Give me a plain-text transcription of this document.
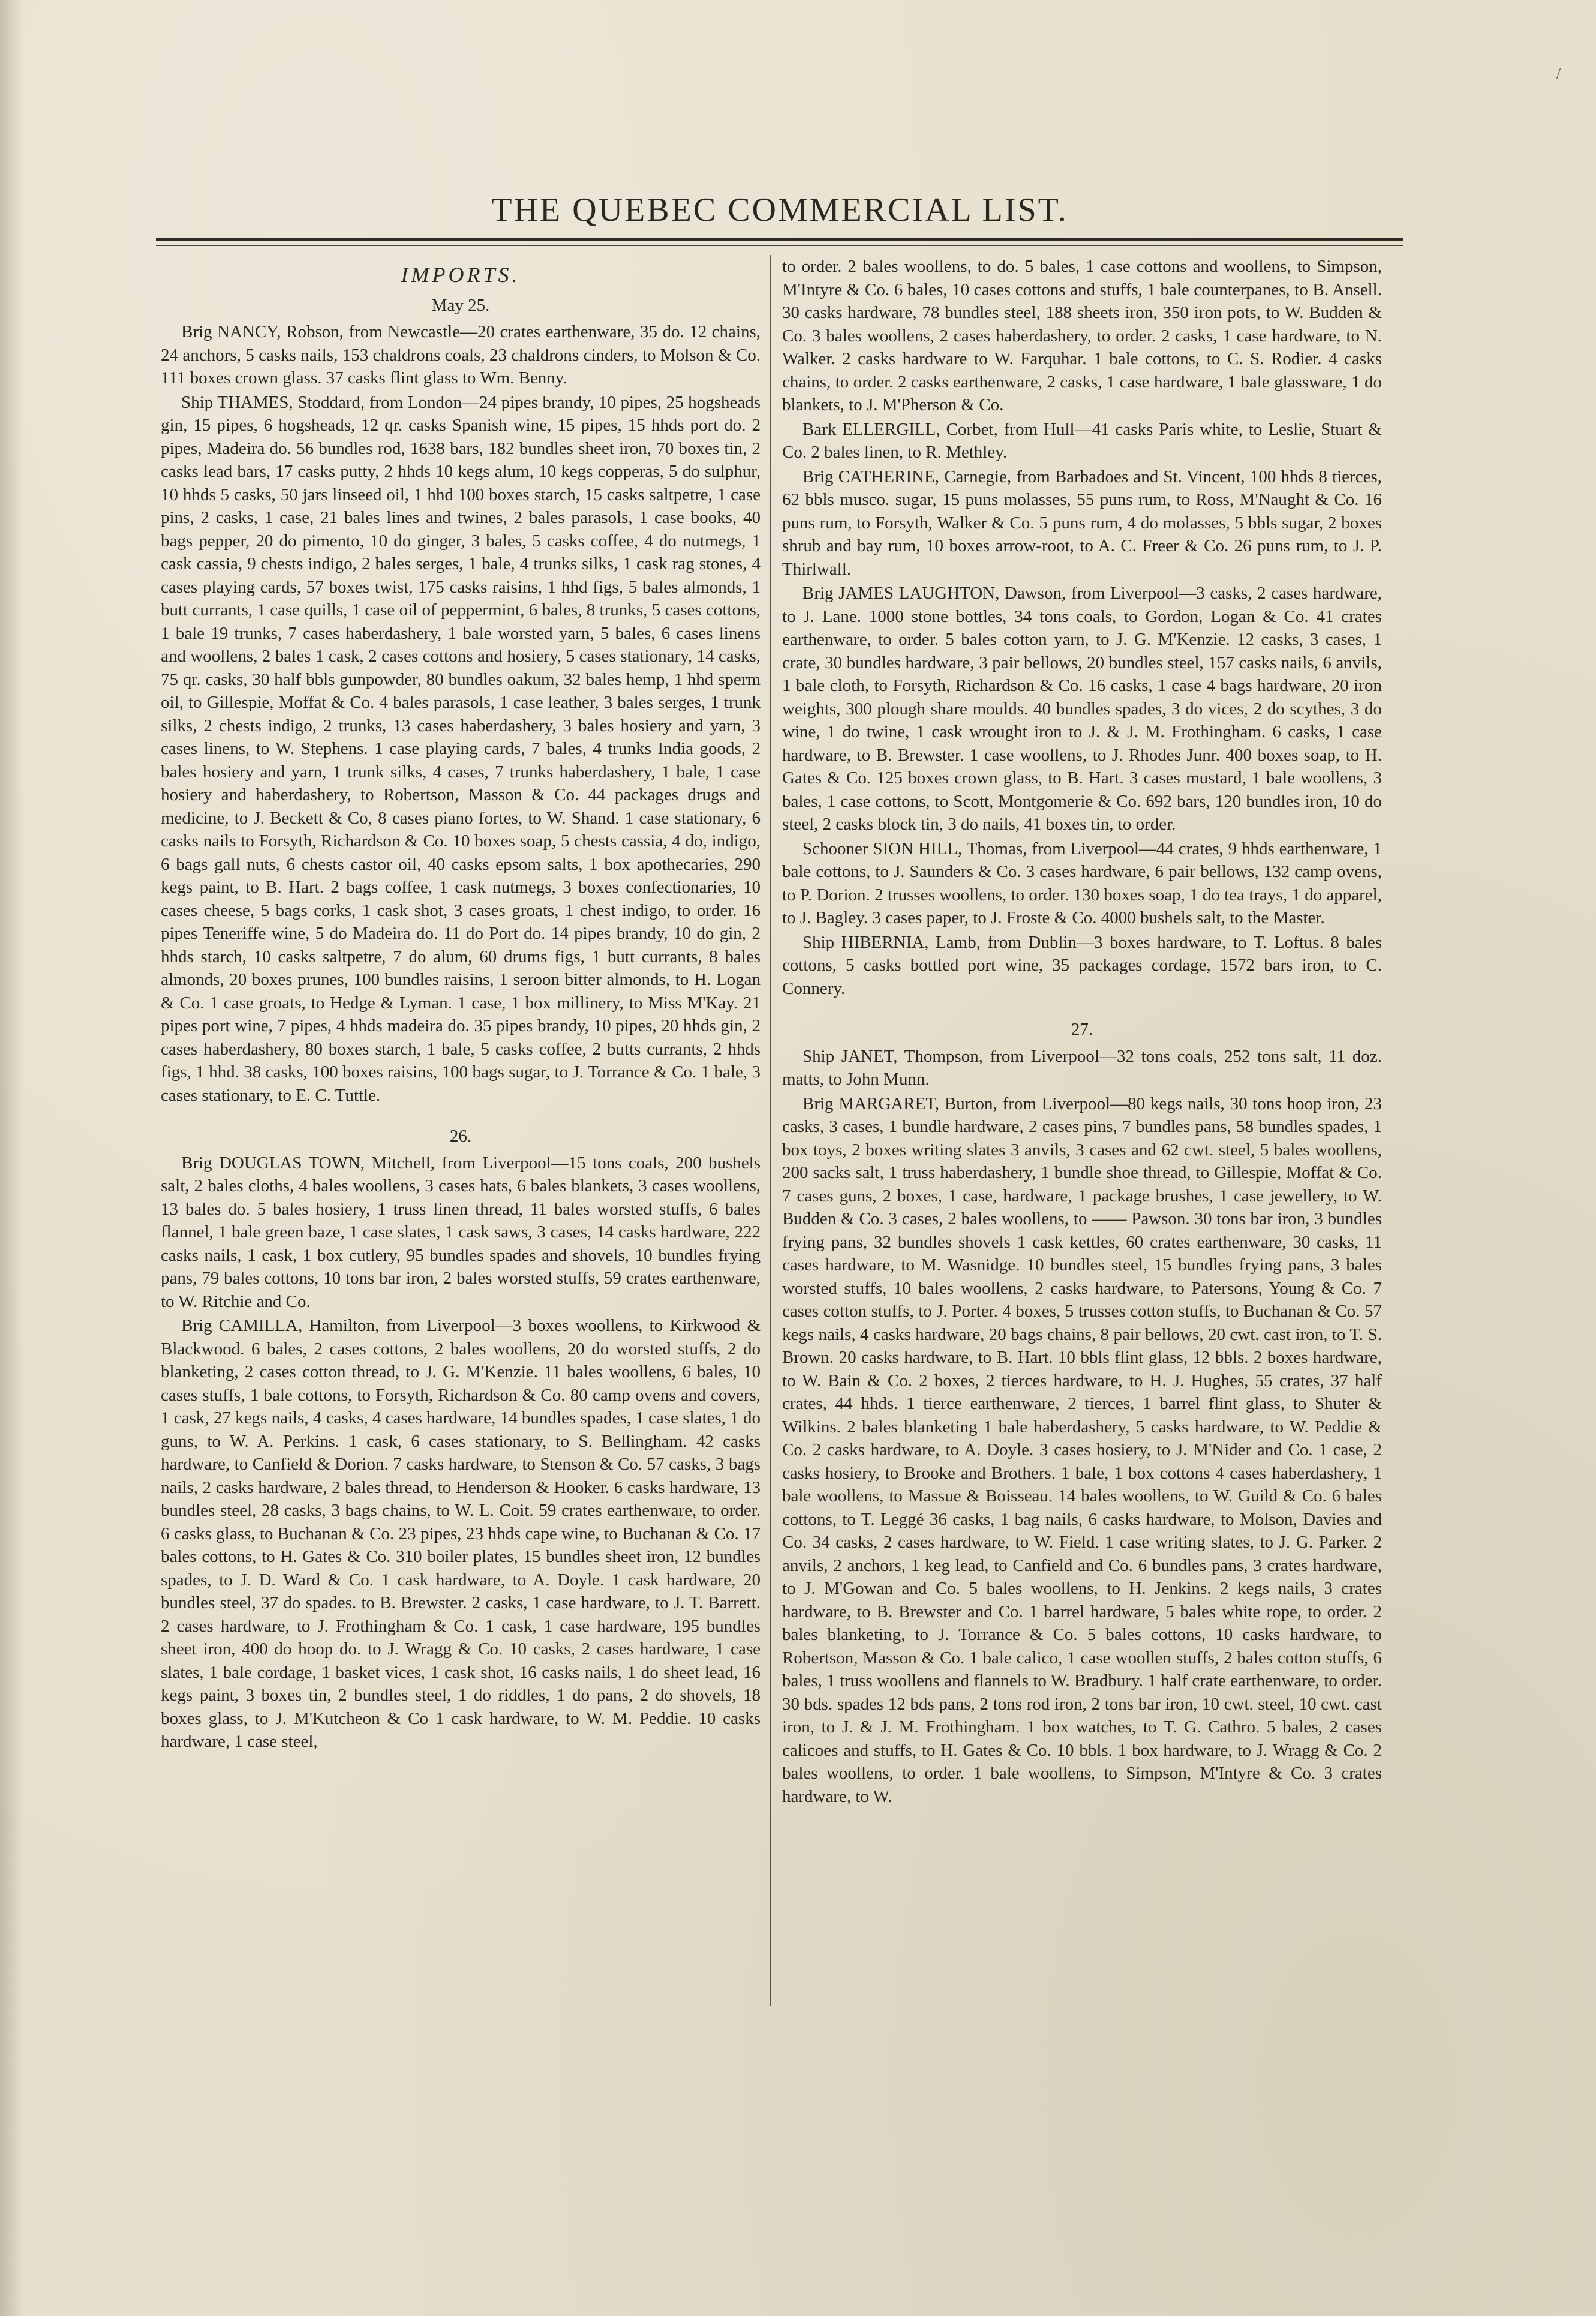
/
THE QUEBEC COMMERCIAL LIST.
IMPORTS.
May 25.

Brig NANCY, Robson, from Newcastle—20 crates earthenware, 35 do. 12 chains, 24 anchors, 5 casks nails, 153 chaldrons coals, 23 chaldrons cinders, to Molson & Co. 111 boxes crown glass. 37 casks flint glass to Wm. Benny.

Ship THAMES, Stoddard, from London—24 pipes brandy, 10 pipes, 25 hogsheads gin, 15 pipes, 6 hogsheads, 12 qr. casks Spanish wine, 15 pipes, 15 hhds port do. 2 pipes, Madeira do. 56 bundles rod, 1638 bars, 182 bundles sheet iron, 70 boxes tin, 2 casks lead bars, 17 casks putty, 2 hhds 10 kegs alum, 10 kegs copperas, 5 do sulphur, 10 hhds 5 casks, 50 jars linseed oil, 1 hhd 100 boxes starch, 15 casks saltpetre, 1 case pins, 2 casks, 1 case, 21 bales lines and twines, 2 bales parasols, 1 case books, 40 bags pepper, 20 do pimento, 10 do ginger, 3 bales, 5 casks coffee, 4 do nutmegs, 1 cask cassia, 9 chests indigo, 2 bales serges, 1 bale, 4 trunks silks, 1 cask rag stones, 4 cases playing cards, 57 boxes twist, 175 casks raisins, 1 hhd figs, 5 bales almonds, 1 butt currants, 1 case quills, 1 case oil of peppermint, 6 bales, 8 trunks, 5 cases cottons, 1 bale 19 trunks, 7 cases haberdashery, 1 bale worsted yarn, 5 bales, 6 cases linens and woollens, 2 bales 1 cask, 2 cases cottons and hosiery, 5 cases stationary, 14 casks, 75 qr. casks, 30 half bbls gunpowder, 80 bundles oakum, 32 bales hemp, 1 hhd sperm oil, to Gillespie, Moffat & Co. 4 bales parasols, 1 case leather, 3 bales serges, 1 trunk silks, 2 chests indigo, 2 trunks, 13 cases haberdashery, 3 bales hosiery and yarn, 3 cases linens, to W. Stephens. 1 case playing cards, 7 bales, 4 trunks India goods, 2 bales hosiery and yarn, 1 trunk silks, 4 cases, 7 trunks haberdashery, 1 bale, 1 case hosiery and haberdashery, to Robertson, Masson & Co. 44 packages drugs and medicine, to J. Beckett & Co, 8 cases piano fortes, to W. Shand. 1 case stationary, 6 casks nails to Forsyth, Richardson & Co. 10 boxes soap, 5 chests cassia, 4 do, indigo, 6 bags gall nuts, 6 chests castor oil, 40 casks epsom salts, 1 box apothecaries, 290 kegs paint, to B. Hart. 2 bags coffee, 1 cask nutmegs, 3 boxes confectionaries, 10 cases cheese, 5 bags corks, 1 cask shot, 3 cases groats, 1 chest indigo, to order. 16 pipes Teneriffe wine, 5 do Madeira do. 11 do Port do. 14 pipes brandy, 10 do gin, 2 hhds starch, 10 casks saltpetre, 7 do alum, 60 drums figs, 1 butt currants, 8 bales almonds, 20 boxes prunes, 100 bundles raisins, 1 seroon bitter almonds, to H. Logan & Co. 1 case groats, to Hedge & Lyman. 1 case, 1 box millinery, to Miss M'Kay. 21 pipes port wine, 7 pipes, 4 hhds madeira do. 35 pipes brandy, 10 pipes, 20 hhds gin, 2 cases haberdashery, 80 boxes starch, 1 bale, 5 casks coffee, 2 butts currants, 2 hhds figs, 1 hhd. 38 casks, 100 boxes raisins, 100 bags sugar, to J. Torrance & Co. 1 bale, 3 cases stationary, to E. C. Tuttle.

26.

Brig DOUGLAS TOWN, Mitchell, from Liverpool—15 tons coals, 200 bushels salt, 2 bales cloths, 4 bales woollens, 3 cases hats, 6 bales blankets, 3 cases woollens, 13 bales do. 5 bales hosiery, 1 truss linen thread, 11 bales worsted stuffs, 6 bales flannel, 1 bale green baze, 1 case slates, 1 cask saws, 3 cases, 14 casks hardware, 222 casks nails, 1 cask, 1 box cutlery, 95 bundles spades and shovels, 10 bundles frying pans, 79 bales cottons, 10 tons bar iron, 2 bales worsted stuffs, 59 crates earthenware, to W. Ritchie and Co.

Brig CAMILLA, Hamilton, from Liverpool—3 boxes woollens, to Kirkwood & Blackwood. 6 bales, 2 cases cottons, 2 bales woollens, 20 do worsted stuffs, 2 do blanketing, 2 cases cotton thread, to J. G. M'Kenzie. 11 bales woollens, 6 bales, 10 cases stuffs, 1 bale cottons, to Forsyth, Richardson & Co. 80 camp ovens and covers, 1 cask, 27 kegs nails, 4 casks, 4 cases hardware, 14 bundles spades, 1 case slates, 1 do guns, to W. A. Perkins. 1 cask, 6 cases stationary, to S. Bellingham. 42 casks hardware, to Canfield & Dorion. 7 casks hardware, to Stenson & Co. 57 casks, 3 bags nails, 2 casks hardware, 2 bales thread, to Henderson & Hooker. 6 casks hardware, 13 bundles steel, 28 casks, 3 bags chains, to W. L. Coit. 59 crates earthenware, to order. 6 casks glass, to Buchanan & Co. 23 pipes, 23 hhds cape wine, to Buchanan & Co. 17 bales cottons, to H. Gates & Co. 310 boiler plates, 15 bundles sheet iron, 12 bundles spades, to J. D. Ward & Co. 1 cask hardware, to A. Doyle. 1 cask hardware, 20 bundles steel, 37 do spades. to B. Brewster. 2 casks, 1 case hardware, to J. T. Barrett. 2 cases hardware, to J. Frothingham & Co. 1 cask, 1 case hardware, 195 bundles sheet iron, 400 do hoop do. to J. Wragg & Co. 10 casks, 2 cases hardware, 1 case slates, 1 bale cordage, 1 basket vices, 1 cask shot, 16 casks nails, 1 do sheet lead, 16 kegs paint, 3 boxes tin, 2 bundles steel, 1 do riddles, 1 do pans, 2 do shovels, 18 boxes glass, to J. M'Kutcheon & Co 1 cask hardware, to W. M. Peddie. 10 casks hardware, 1 case steel,

to order. 2 bales woollens, to do. 5 bales, 1 case cottons and woollens, to Simpson, M'Intyre & Co. 6 bales, 10 cases cottons and stuffs, 1 bale counterpanes, to B. Ansell. 30 casks hardware, 78 bundles steel, 188 sheets iron, 350 iron pots, to W. Budden & Co. 3 bales woollens, 2 cases haberdashery, to order. 2 casks, 1 case hardware, to N. Walker. 2 casks hardware to W. Farquhar. 1 bale cottons, to C. S. Rodier. 4 casks chains, to order. 2 casks earthenware, 2 casks, 1 case hardware, 1 bale glassware, 1 do blankets, to J. M'Pherson & Co.

Bark ELLERGILL, Corbet, from Hull—41 casks Paris white, to Leslie, Stuart & Co. 2 bales linen, to R. Methley.

Brig CATHERINE, Carnegie, from Barbadoes and St. Vincent, 100 hhds 8 tierces, 62 bbls musco. sugar, 15 puns molasses, 55 puns rum, to Ross, M'Naught & Co. 16 puns rum, to Forsyth, Walker & Co. 5 puns rum, 4 do molasses, 5 bbls sugar, 2 boxes shrub and bay rum, 10 boxes arrow-root, to A. C. Freer & Co. 26 puns rum, to J. P. Thirlwall.

Brig JAMES LAUGHTON, Dawson, from Liverpool—3 casks, 2 cases hardware, to J. Lane. 1000 stone bottles, 34 tons coals, to Gordon, Logan & Co. 41 crates earthenware, to order. 5 bales cotton yarn, to J. G. M'Kenzie. 12 casks, 3 cases, 1 crate, 30 bundles hardware, 3 pair bellows, 20 bundles steel, 157 casks nails, 6 anvils, 1 bale cloth, to Forsyth, Richardson & Co. 16 casks, 1 case 4 bags hardware, 20 iron weights, 300 plough share moulds. 40 bundles spades, 3 do vices, 2 do scythes, 3 do wine, 1 do twine, 1 cask wrought iron to J. & J. M. Frothingham. 6 casks, 1 case hardware, to B. Brewster. 1 case woollens, to J. Rhodes Junr. 400 boxes soap, to H. Gates & Co. 125 boxes crown glass, to B. Hart. 3 cases mustard, 1 bale woollens, 3 bales, 1 case cottons, to Scott, Montgomerie & Co. 692 bars, 120 bundles iron, 10 do steel, 2 casks block tin, 3 do nails, 41 boxes tin, to order.

Schooner SION HILL, Thomas, from Liverpool—44 crates, 9 hhds earthenware, 1 bale cottons, to J. Saunders & Co. 3 cases hardware, 6 pair bellows, 132 camp ovens, to P. Dorion. 2 trusses woollens, to order. 130 boxes soap, 1 do tea trays, 1 do apparel, to J. Bagley. 3 cases paper, to J. Froste & Co. 4000 bushels salt, to the Master.

Ship HIBERNIA, Lamb, from Dublin—3 boxes hardware, to T. Loftus. 8 bales cottons, 5 casks bottled port wine, 35 packages cordage, 1572 bars iron, to C. Connery.

27.

Ship JANET, Thompson, from Liverpool—32 tons coals, 252 tons salt, 11 doz. matts, to John Munn.

Brig MARGARET, Burton, from Liverpool—80 kegs nails, 30 tons hoop iron, 23 casks, 3 cases, 1 bundle hardware, 2 cases pins, 7 bundles pans, 58 bundles spades, 1 box toys, 2 boxes writing slates 3 anvils, 3 cases and 62 cwt. steel, 5 bales woollens, 200 sacks salt, 1 truss haberdashery, 1 bundle shoe thread, to Gillespie, Moffat & Co. 7 cases guns, 2 boxes, 1 case, hardware, 1 package brushes, 1 case jewellery, to W. Budden & Co. 3 cases, 2 bales woollens, to —— Pawson. 30 tons bar iron, 3 bundles frying pans, 32 bundles shovels 1 cask kettles, 60 crates earthenware, 30 casks, 11 cases hardware, to M. Wasnidge. 10 bundles steel, 15 bundles frying pans, 3 bales worsted stuffs, 10 bales woollens, 2 casks hardware, to Patersons, Young & Co. 7 cases cotton stuffs, to J. Porter. 4 boxes, 5 trusses cotton stuffs, to Buchanan & Co. 57 kegs nails, 4 casks hardware, 20 bags chains, 8 pair bellows, 20 cwt. cast iron, to T. S. Brown. 20 casks hardware, to B. Hart. 10 bbls flint glass, 12 bbls. 2 boxes hardware, to W. Bain & Co. 2 boxes, 2 tierces hardware, to H. J. Hughes, 55 crates, 37 half crates, 44 hhds. 1 tierce earthenware, 2 tierces, 1 barrel flint glass, to Shuter & Wilkins. 2 bales blanketing 1 bale haberdashery, 5 casks hardware, to W. Peddie & Co. 2 casks hardware, to A. Doyle. 3 cases hosiery, to J. M'Nider and Co. 1 case, 2 casks hosiery, to Brooke and Brothers. 1 bale, 1 box cottons 4 cases haberdashery, 1 bale woollens, to Massue & Boisseau. 14 bales woollens, to W. Guild & Co. 6 bales cottons, to T. Leggé 36 casks, 1 bag nails, 6 casks hardware, to Molson, Davies and Co. 34 casks, 2 cases hardware, to W. Field. 1 case writing slates, to J. G. Parker. 2 anvils, 2 anchors, 1 keg lead, to Canfield and Co. 6 bundles pans, 3 crates hardware, to J. M'Gowan and Co. 5 bales woollens, to H. Jenkins. 2 kegs nails, 3 crates hardware, to B. Brewster and Co. 1 barrel hardware, 5 bales white rope, to order. 2 bales blanketing, to J. Torrance & Co. 5 bales cottons, 10 casks hardware, to Robertson, Masson & Co. 1 bale calico, 1 case woollen stuffs, 2 bales cotton stuffs, 6 bales, 1 truss woollens and flannels to W. Bradbury. 1 half crate earthenware, to order. 30 bds. spades 12 bds pans, 2 tons rod iron, 2 tons bar iron, 10 cwt. steel, 10 cwt. cast iron, to J. & J. M. Frothingham. 1 box watches, to T. G. Cathro. 5 bales, 2 cases calicoes and stuffs, to H. Gates & Co. 10 bbls. 1 box hardware, to J. Wragg & Co. 2 bales woollens, to order. 1 bale woollens, to Simpson, M'Intyre & Co. 3 crates hardware, to W.
